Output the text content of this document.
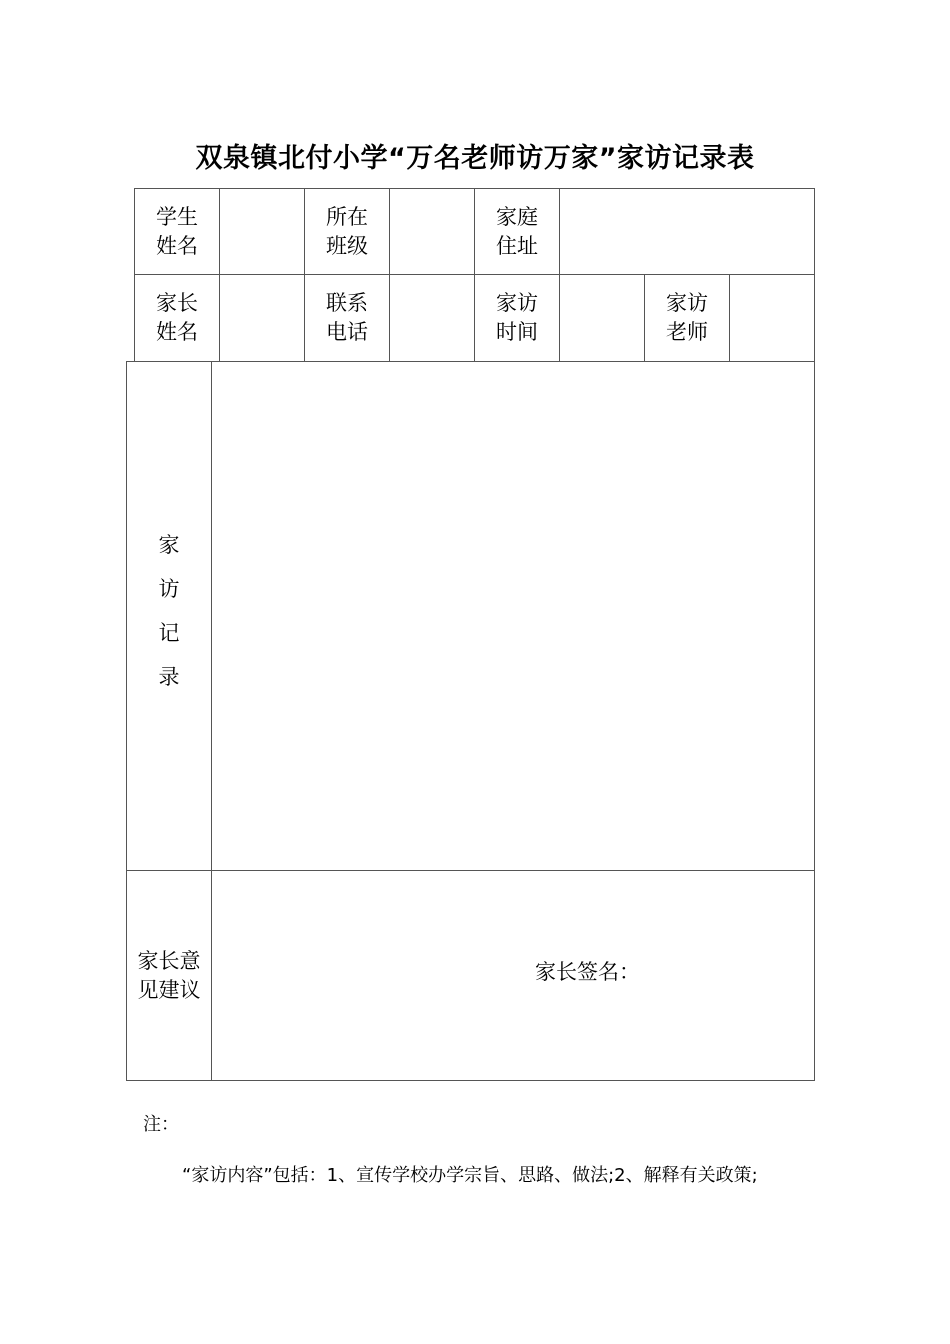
双泉镇北付小学“万名老师访万家”家访记录表
学生
姓名
所在
班级
家庭
住址
家长
姓名
联系
电话
家访
时间
家访
老师
家
访
记
录
家长意
见建议
家长签名：
注：
“家访内容”包括：1、宣传学校办学宗旨、思路、做法;2、解释有关政策;
